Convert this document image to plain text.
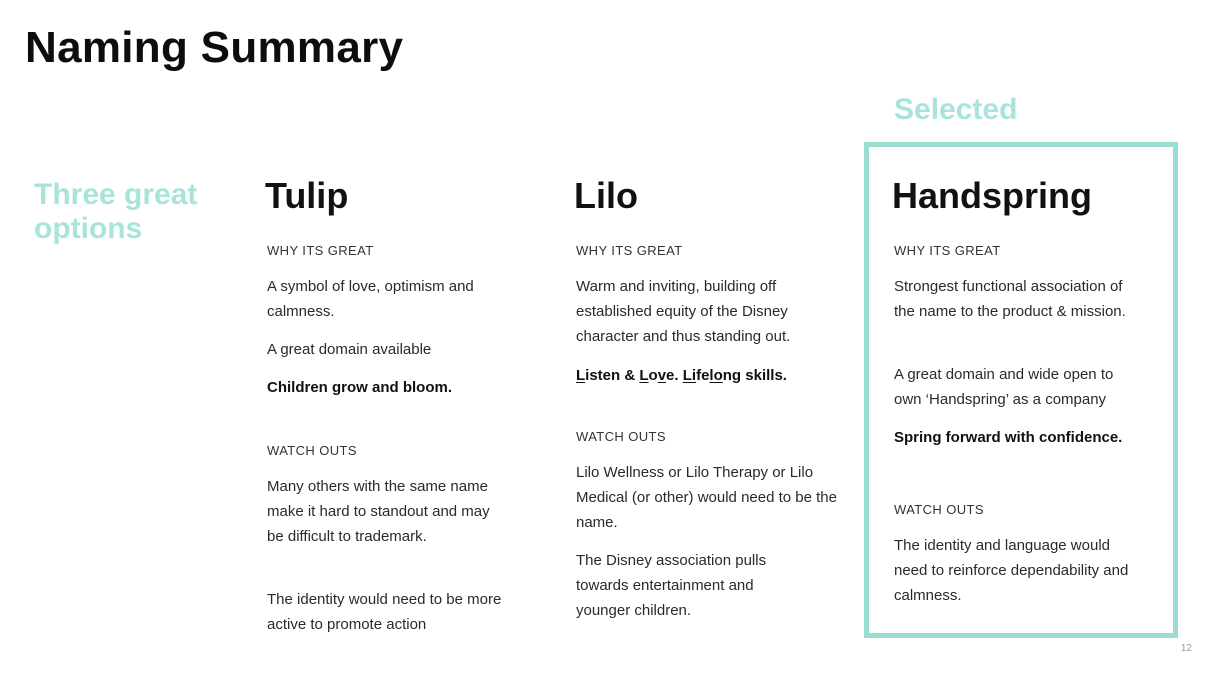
Naming Summary
Selected
Three great options
Tulip
WHY ITS GREAT
A symbol of love, optimism and calmness.
A great domain available
Children grow and bloom.
WATCH OUTS
Many others with the same name make it hard to standout and may be difficult to trademark.
The identity would need to be more active to promote action
Lilo
WHY ITS GREAT
Warm and inviting, building off established equity of the Disney character and thus standing out.
Listen & Love. Lifelong skills.
WATCH OUTS
Lilo Wellness or Lilo Therapy or Lilo Medical (or other) would need to be the name.
The Disney association pulls towards entertainment and younger children.
Handspring
WHY ITS GREAT
Strongest functional association of the name to the product & mission.
A great domain and wide open to own ‘Handspring’ as a company
Spring forward with confidence.
WATCH OUTS
The identity and language would need to reinforce dependability and calmness.
12
